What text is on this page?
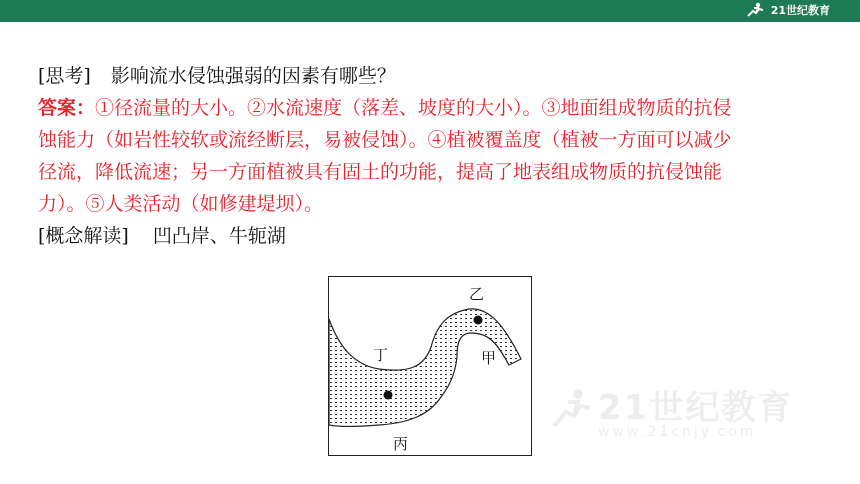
21世纪教育
[思考] 影响流水侵蚀强弱的因素有哪些？
答案：①径流量的大小。②水流速度（落差、坡度的大小）。③地面组成物质的抗侵
蚀能力（如岩性较软或流经断层，易被侵蚀）。④植被覆盖度（植被一方面可以减少
径流，降低流速；另一方面植被具有固土的功能，提高了地表组成物质的抗侵蚀能
力）。⑤人类活动（如修建堤坝）。
[概念解读] 凹凸岸、牛轭湖
乙
丁	甲
丙
21世纪教育
www.21cnjy.com
